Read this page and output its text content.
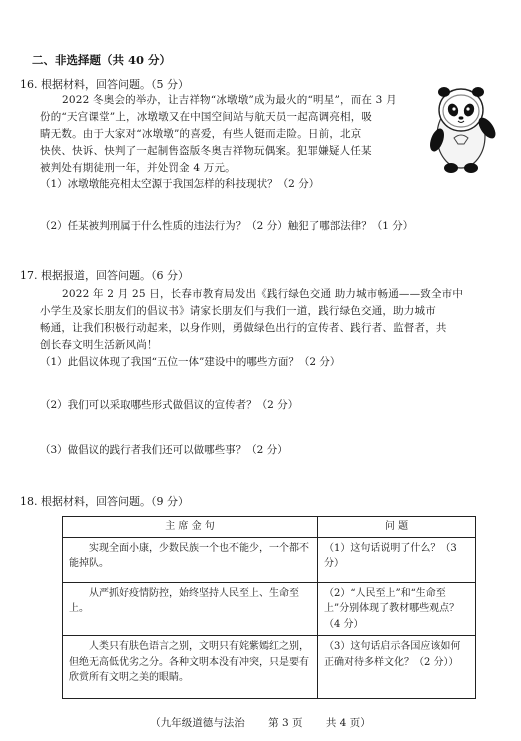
二、非选择题（共 40 分）
16. 根据材料，回答问题。（5 分）
2022 冬奥会的举办，让吉祥物“冰墩墩”成为最火的“明星”，而在 3 月
份的“天宫课堂”上，冰墩墩又在中国空间站与航天员一起高调亮相，吸
睛无数。由于大家对“冰墩墩”的喜爱，有些人铤而走险。日前，北京
快侠、快诉、快判了一起制售盗版冬奥吉祥物玩偶案。犯罪嫌疑人任某
被判处有期徒刑一年，并处罚金 4 万元。
（1）冰墩墩能亮相太空源于我国怎样的科技现状？（2 分）
（2）任某被判刑属于什么性质的违法行为？（2 分）触犯了哪部法律？（1 分）
17. 根据报道，回答问题。（6 分）
2022 年 2 月 25 日，长春市教育局发出《践行绿色交通 助力城市畅通——致全市中
小学生及家长朋友们的倡议书》请家长朋友们与我们一道，践行绿色交通，助力城市
畅通，让我们积极行动起来，以身作则，勇做绿色出行的宣传者、践行者、监督者，共
创长春文明生活新风尚！
（1）此倡议体现了我国“五位一体”建设中的哪些方面？（2 分）
（2）我们可以采取哪些形式做倡议的宣传者？（2 分）
（3）做倡议的践行者我们还可以做哪些事？（2 分）
18. 根据材料，回答问题。（9 分）
主 席 金 句	问 题

实现全面小康，少数民族一个也不能少，一个都不能掉队。	（1）这句话说明了什么？（3 分）

从严抓好疫情防控，始终坚持人民至上、生命至上。	（2）“人民至上”和“生命至上”分别体现了教材哪些观点？（4 分）

人类只有肤色语言之别，文明只有姹紫嫣红之别，但绝无高低优劣之分。各种文明本没有冲突，只是要有欣赏所有文明之美的眼睛。	（3）这句话启示各国应该如何正确对待多样文化？（2 分））
（九年级道德与法治 第 3 页 共 4 页）
